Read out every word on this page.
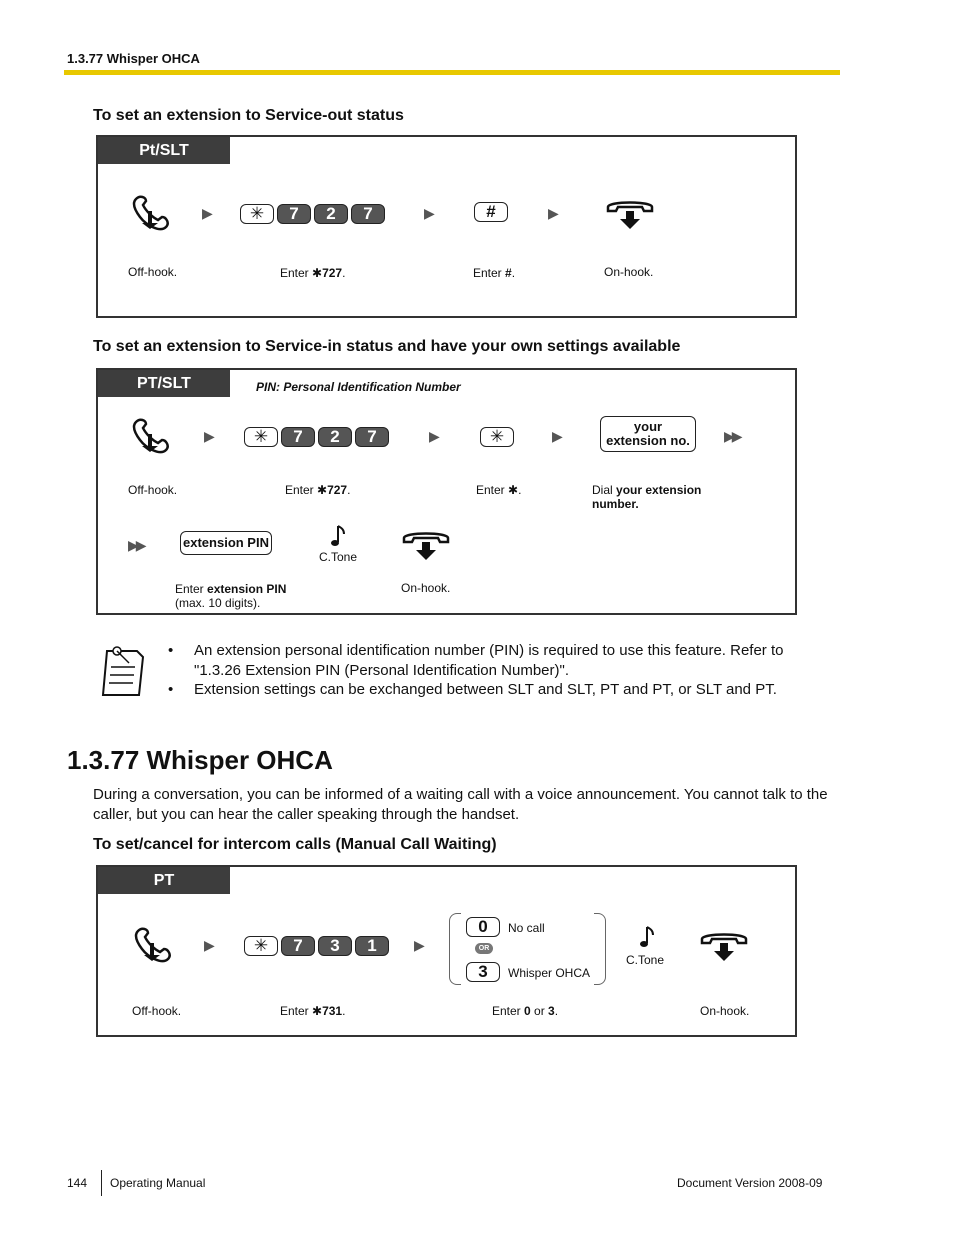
1.3.77 Whisper OHCA
To set an extension to Service-out status
Pt/SLT
▶	✳	7	2	7	▶	#	▶
Off-hook.	Enter ✱727.	Enter #.	On-hook.
To set an extension to Service-in status and have your own settings available
PT/SLT	PIN: Personal Identification Number
▶	✳	7	2	7	▶	✳	▶
your
extension no. ▶▶
Off-hook.	Enter ✱727.	Enter ✱.	Dial your extension
number.
▶▶	extension PIN
C.Tone
Enter extension PIN
(max. 10 digits).
On-hook.
• An extension personal identification number (PIN) is required to use this feature. Refer to "1.3.26 Extension PIN (Personal Identification Number)".
• Extension settings can be exchanged between SLT and SLT, PT and PT, or SLT and PT.
1.3.77 Whisper OHCA
During a conversation, you can be informed of a waiting call with a voice announcement. You cannot talk to the caller, but you can hear the caller speaking through the handset.
To set/cancel for intercom calls (Manual Call Waiting)
PT
▶	✳	7	3	1	▶
0	No call
OR
3	Whisper OHCA
C.Tone
Off-hook.	Enter ✱731.	Enter 0 or 3.	On-hook.
144 Operating Manual	Document Version 2008-09
